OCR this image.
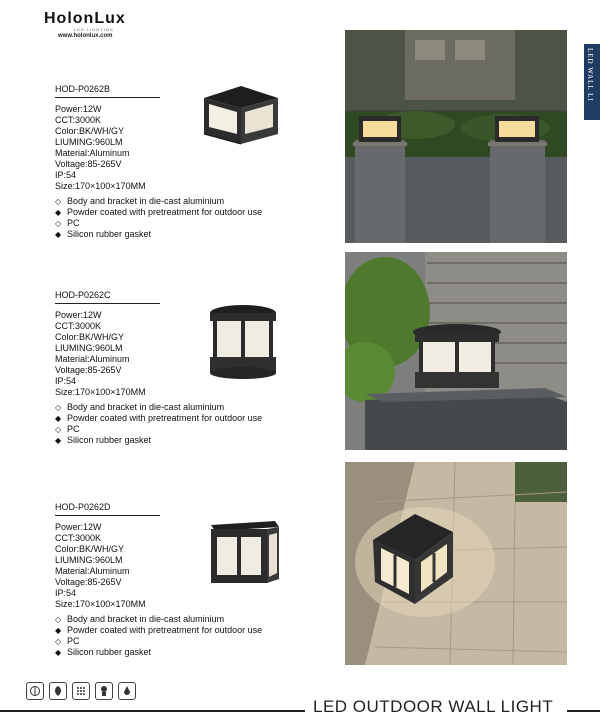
HolonLux
LED LIGHTING
www.holonlux.com
LED WALL LI
HOD-P0262B
Power:12W
CCT:3000K
Color:BK/WH/GY
LIUMING:960LM
Material:Aluminum
Voltage:85-265V
IP:54
Size:170×100×170MM
◇ Body and bracket in die-cast aluminium
◆ Powder coated with pretreatment for outdoor use
◇ PC
◆ Silicon rubber gasket
HOD-P0262C
Power:12W
CCT:3000K
Color:BK/WH/GY
LIUMING:960LM
Material:Aluminum
Voltage:85-265V
IP:54
Size:170×100×170MM
◇ Body and bracket in die-cast aluminium
◆ Powder coated with pretreatment for outdoor use
◇ PC
◆ Silicon rubber gasket
HOD-P0262D
Power:12W
CCT:3000K
Color:BK/WH/GY
LIUMING:960LM
Material:Aluminum
Voltage:85-265V
IP:54
Size:170×100×170MM
◇ Body and bracket in die-cast aluminium
◆ Powder coated with pretreatment for outdoor use
◇ PC
◆ Silicon rubber gasket
LED OUTDOOR WALL LIGHT
